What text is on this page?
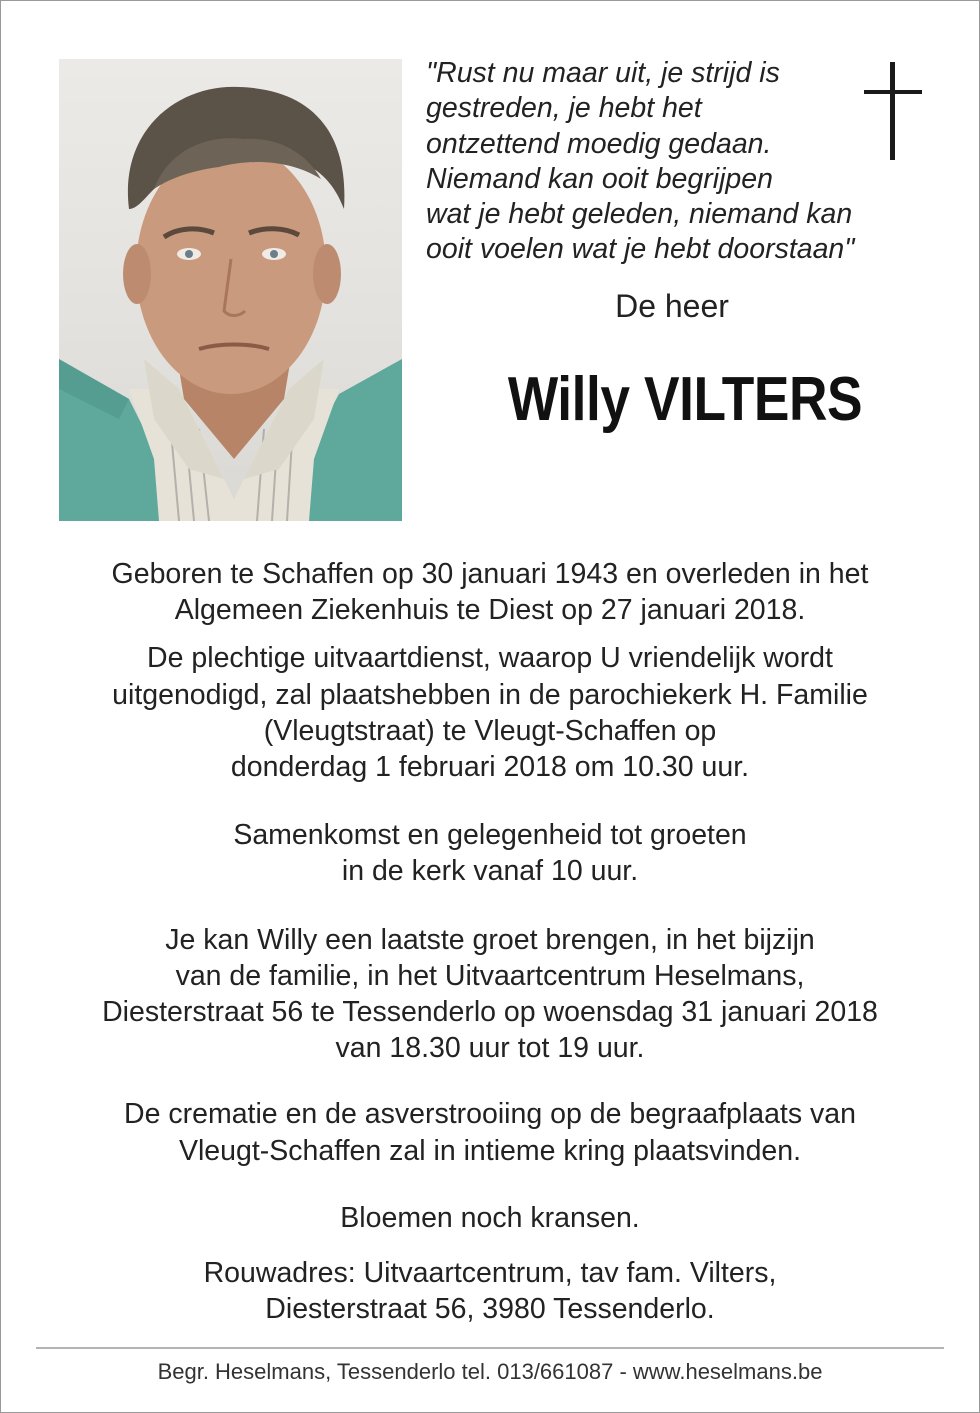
"Rust nu maar uit, je strijd is
gestreden, je hebt het
ontzettend moedig gedaan.
Niemand kan ooit begrijpen
wat je hebt geleden, niemand kan
ooit voelen wat je hebt doorstaan"
De heer
Willy VILTERS

Geboren te Schaffen op 30 januari 1943 en overleden in het
Algemeen Ziekenhuis te Diest op 27 januari 2018.

De plechtige uitvaartdienst, waarop U vriendelijk wordt
uitgenodigd, zal plaatshebben in de parochiekerk H. Familie
(Vleugtstraat) te Vleugt-Schaffen op
donderdag 1 februari 2018 om 10.30 uur.

Samenkomst en gelegenheid tot groeten
in de kerk vanaf 10 uur.

Je kan Willy een laatste groet brengen, in het bijzijn
van de familie, in het Uitvaartcentrum Heselmans,
Diesterstraat 56 te Tessenderlo op woensdag 31 januari 2018
van 18.30 uur tot 19 uur.

De crematie en de asverstrooiing op de begraafplaats van
Vleugt-Schaffen zal in intieme kring plaatsvinden.

Bloemen noch kransen.

Rouwadres: Uitvaartcentrum, tav fam. Vilters,
Diesterstraat 56, 3980 Tessenderlo.

Begr. Heselmans, Tessenderlo tel. 013/661087 - www.heselmans.be
